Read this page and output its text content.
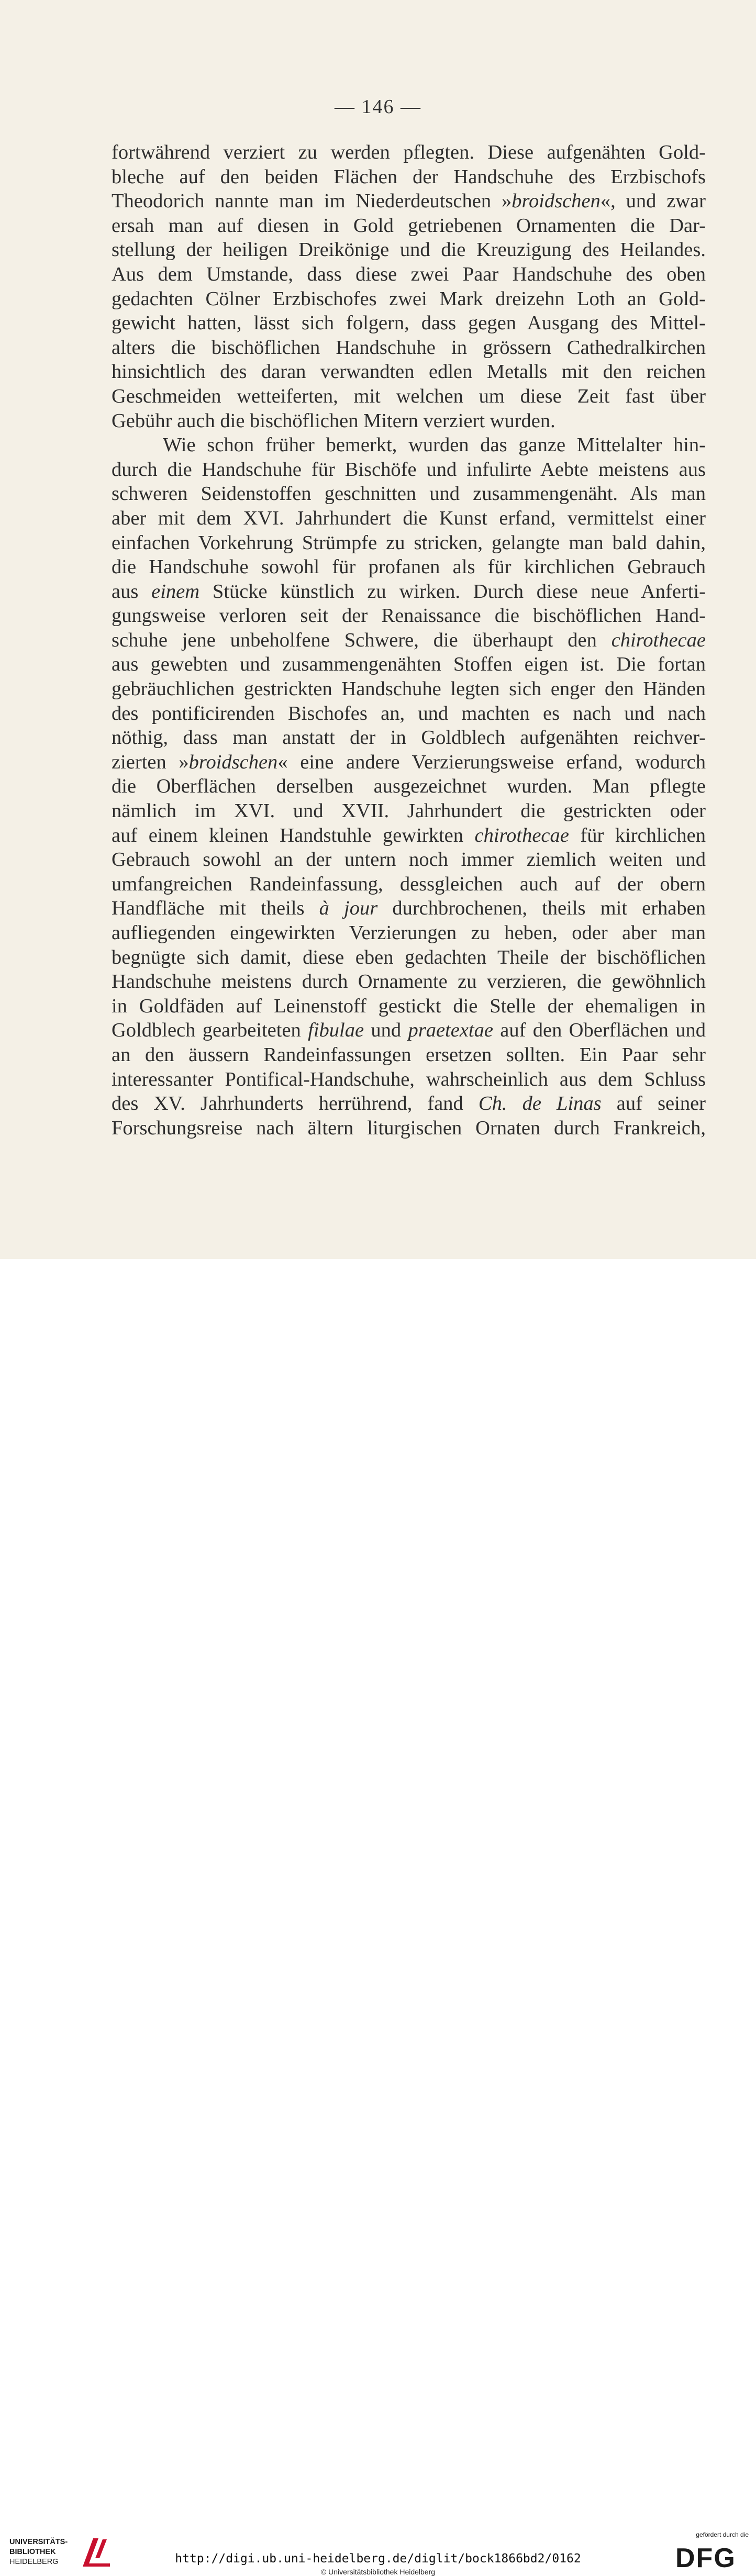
— 146 —
fortwährend verziert zu werden pflegten. Diese aufgenähten Gold-
bleche auf den beiden Flächen der Handschuhe des Erzbischofs
Theodorich nannte man im Niederdeutschen »broidschen«, und zwar
ersah man auf diesen in Gold getriebenen Ornamenten die Dar-
stellung der heiligen Dreikönige und die Kreuzigung des Heilandes.
Aus dem Umstande, dass diese zwei Paar Handschuhe des oben
gedachten Cölner Erzbischofes zwei Mark dreizehn Loth an Gold-
gewicht hatten, lässt sich folgern, dass gegen Ausgang des Mittel-
alters die bischöflichen Handschuhe in grössern Cathedralkirchen
hinsichtlich des daran verwandten edlen Metalls mit den reichen
Geschmeiden wetteiferten, mit welchen um diese Zeit fast über
Gebühr auch die bischöflichen Mitern verziert wurden.
Wie schon früher bemerkt, wurden das ganze Mittelalter hin-
durch die Handschuhe für Bischöfe und infulirte Aebte meistens aus
schweren Seidenstoffen geschnitten und zusammengenäht. Als man
aber mit dem XVI. Jahrhundert die Kunst erfand, vermittelst einer
einfachen Vorkehrung Strümpfe zu stricken, gelangte man bald dahin,
die Handschuhe sowohl für profanen als für kirchlichen Gebrauch
aus einem Stücke künstlich zu wirken. Durch diese neue Anferti-
gungsweise verloren seit der Renaissance die bischöflichen Hand-
schuhe jene unbeholfene Schwere, die überhaupt den chirothecae
aus gewebten und zusammengenähten Stoffen eigen ist. Die fortan
gebräuchlichen gestrickten Handschuhe legten sich enger den Händen
des pontificirenden Bischofes an, und machten es nach und nach
nöthig, dass man anstatt der in Goldblech aufgenähten reichver-
zierten »broidschen« eine andere Verzierungsweise erfand, wodurch
die Oberflächen derselben ausgezeichnet wurden. Man pflegte
nämlich im XVI. und XVII. Jahrhundert die gestrickten oder
auf einem kleinen Handstuhle gewirkten chirothecae für kirchlichen
Gebrauch sowohl an der untern noch immer ziemlich weiten und
umfangreichen Randeinfassung, dessgleichen auch auf der obern
Handfläche mit theils à jour durchbrochenen, theils mit erhaben
aufliegenden eingewirkten Verzierungen zu heben, oder aber man
begnügte sich damit, diese eben gedachten Theile der bischöflichen
Handschuhe meistens durch Ornamente zu verzieren, die gewöhnlich
in Goldfäden auf Leinenstoff gestickt die Stelle der ehemaligen in
Goldblech gearbeiteten fibulae und praetextae auf den Oberflächen und
an den äussern Randeinfassungen ersetzen sollten. Ein Paar sehr
interessanter Pontifical-Handschuhe, wahrscheinlich aus dem Schluss
des XV. Jahrhunderts herrührend, fand Ch. de Linas auf seiner
Forschungsreise nach ältern liturgischen Ornaten durch Frankreich,
UNIVERSITÄTS-
BIBLIOTHEK
HEIDELBERG	http://digi.ub.uni-heidelberg.de/diglit/bock1866bd2/0162
© Universitätsbibliothek Heidelberg
gefördert durch die
DFG
